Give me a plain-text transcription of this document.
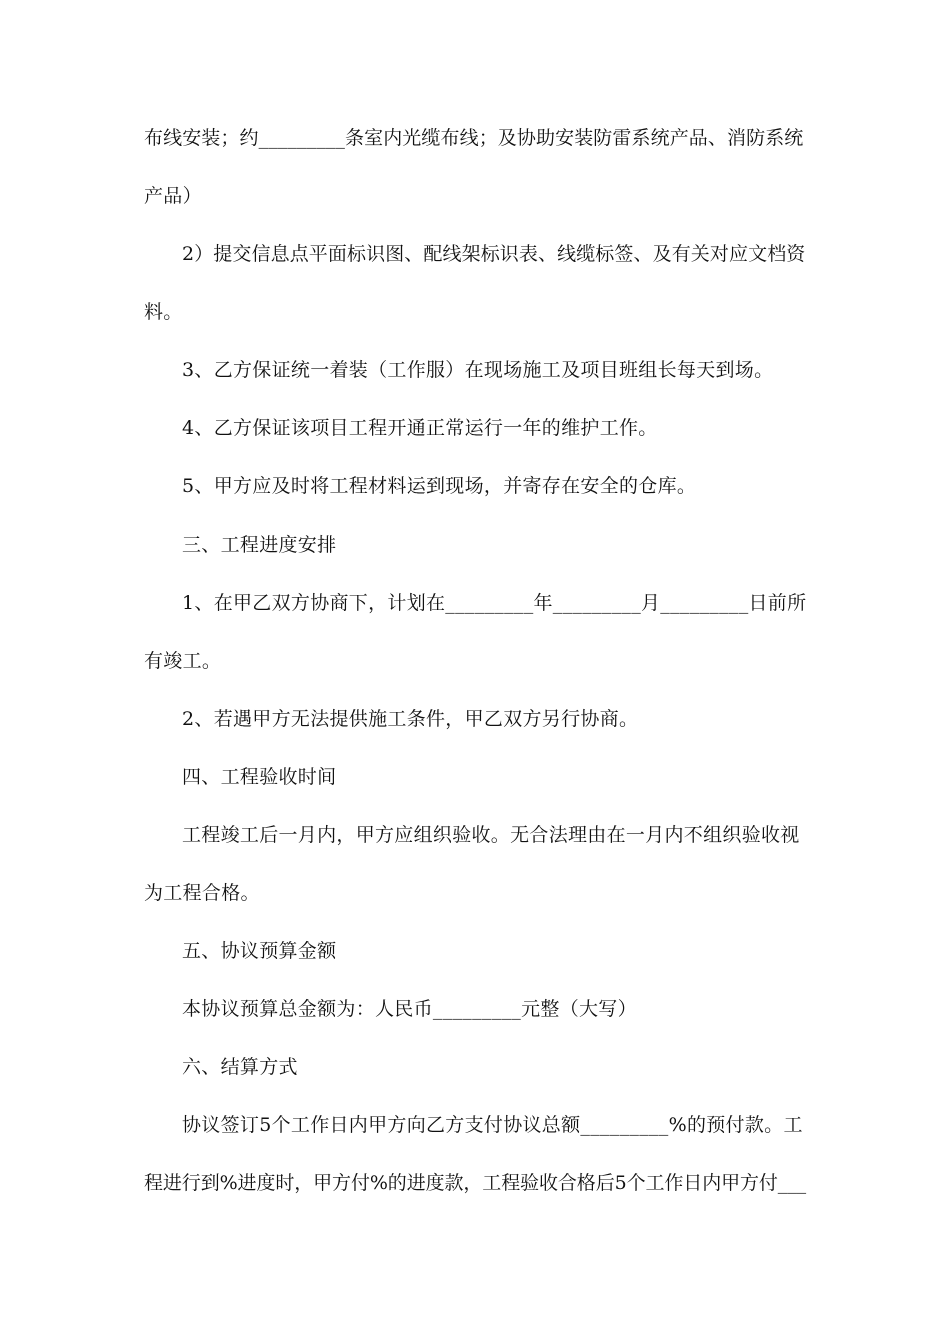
布线安装；约_________条室内光缆布线；及协助安装防雷系统产品、消防系统
产品）
2）提交信息点平面标识图、配线架标识表、线缆标签、及有关对应文档资
料。
3、乙方保证统一着装（工作服）在现场施工及项目班组长每天到场。
4、乙方保证该项目工程开通正常运行一年的维护工作。
5、甲方应及时将工程材料运到现场，并寄存在安全的仓库。
三、工程进度安排
1、在甲乙双方协商下，计划在_________年_________月_________日前所
有竣工。
2、若遇甲方无法提供施工条件，甲乙双方另行协商。
四、工程验收时间
工程竣工后一月内，甲方应组织验收。无合法理由在一月内不组织验收视
为工程合格。
五、协议预算金额
本协议预算总金额为：人民币_________元整（大写）
六、结算方式
协议签订5个工作日内甲方向乙方支付协议总额_________%的预付款。工
程进行到%进度时，甲方付%的进度款，工程验收合格后5个工作日内甲方付___
